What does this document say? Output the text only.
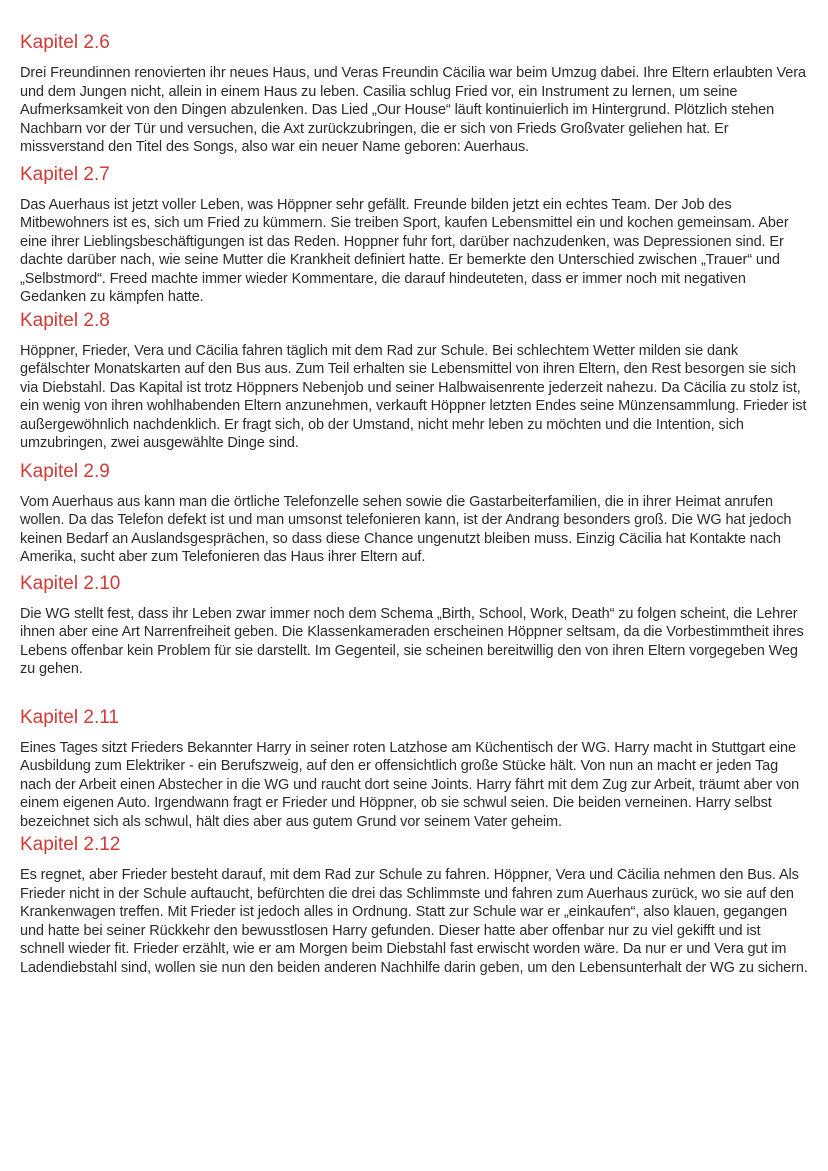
Kapitel 2.6

Drei Freundinnen renovierten ihr neues Haus, und Veras Freundin Cäcilia war beim Umzug dabei. Ihre Eltern erlaubten Vera und dem Jungen nicht, allein in einem Haus zu leben. Casilia schlug Fried vor, ein Instrument zu lernen, um seine Aufmerksamkeit von den Dingen abzulenken. Das Lied „Our House“ läuft kontinuierlich im Hintergrund. Plötzlich stehen Nachbarn vor der Tür und versuchen, die Axt zurückzubringen, die er sich von Frieds Großvater geliehen hat. Er missverstand den Titel des Songs, also war ein neuer Name geboren: Auerhaus.

Kapitel 2.7

Das Auerhaus ist jetzt voller Leben, was Höppner sehr gefällt. Freunde bilden jetzt ein echtes Team. Der Job des Mitbewohners ist es, sich um Fried zu kümmern. Sie treiben Sport, kaufen Lebensmittel ein und kochen gemeinsam. Aber eine ihrer Lieblingsbeschäftigungen ist das Reden. Hoppner fuhr fort, darüber nachzudenken, was Depressionen sind. Er dachte darüber nach, wie seine Mutter die Krankheit definiert hatte. Er bemerkte den Unterschied zwischen „Trauer“ und „Selbstmord“. Freed machte immer wieder Kommentare, die darauf hindeuteten, dass er immer noch mit negativen Gedanken zu kämpfen hatte.

Kapitel 2.8

Höppner, Frieder, Vera und Cäcilia fahren täglich mit dem Rad zur Schule. Bei schlechtem Wetter milden sie dank gefälschter Monatskarten auf den Bus aus. Zum Teil erhalten sie Lebensmittel von ihren Eltern, den Rest besorgen sie sich via Diebstahl. Das Kapital ist trotz Höppners Nebenjob und seiner Halbwaisenrente jederzeit nahezu. Da Cäcilia zu stolz ist, ein wenig von ihren wohlhabenden Eltern anzunehmen, verkauft Höppner letzten Endes seine Münzensammlung. Frieder ist außergewöhnlich nachdenklich. Er fragt sich, ob der Umstand, nicht mehr leben zu möchten und die Intention, sich umzubringen, zwei ausgewählte Dinge sind.

Kapitel 2.9

Vom Auerhaus aus kann man die örtliche Telefonzelle sehen sowie die Gastarbeiterfamilien, die in ihrer Heimat anrufen wollen. Da das Telefon defekt ist und man umsonst telefonieren kann, ist der Andrang besonders groß. Die WG hat jedoch keinen Bedarf an Auslandsgesprächen, so dass diese Chance ungenutzt bleiben muss. Einzig Cäcilia hat Kontakte nach Amerika, sucht aber zum Telefonieren das Haus ihrer Eltern auf.

Kapitel 2.10

Die WG stellt fest, dass ihr Leben zwar immer noch dem Schema „Birth, School, Work, Death“ zu folgen scheint, die Lehrer ihnen aber eine Art Narrenfreiheit geben. Die Klassenkameraden erscheinen Höppner seltsam, da die Vorbestimmtheit ihres Lebens offenbar kein Problem für sie darstellt. Im Gegenteil, sie scheinen bereitwillig den von ihren Eltern vorgegeben Weg zu gehen.

Kapitel 2.11

Eines Tages sitzt Frieders Bekannter Harry in seiner roten Latzhose am Küchentisch der WG. Harry macht in Stuttgart eine Ausbildung zum Elektriker - ein Berufszweig, auf den er offensichtlich große Stücke hält. Von nun an macht er jeden Tag nach der Arbeit einen Abstecher in die WG und raucht dort seine Joints. Harry fährt mit dem Zug zur Arbeit, träumt aber von einem eigenen Auto. Irgendwann fragt er Frieder und Höppner, ob sie schwul seien. Die beiden verneinen. Harry selbst bezeichnet sich als schwul, hält dies aber aus gutem Grund vor seinem Vater geheim.

Kapitel 2.12

Es regnet, aber Frieder besteht darauf, mit dem Rad zur Schule zu fahren. Höppner, Vera und Cäcilia nehmen den Bus. Als Frieder nicht in der Schule auftaucht, befürchten die drei das Schlimmste und fahren zum Auerhaus zurück, wo sie auf den Krankenwagen treffen. Mit Frieder ist jedoch alles in Ordnung. Statt zur Schule war er „einkaufen“, also klauen, gegangen und hatte bei seiner Rückkehr den bewusstlosen Harry gefunden. Dieser hatte aber offenbar nur zu viel gekifft und ist schnell wieder fit. Frieder erzählt, wie er am Morgen beim Diebstahl fast erwischt worden wäre. Da nur er und Vera gut im Ladendiebstahl sind, wollen sie nun den beiden anderen Nachhilfe darin geben, um den Lebensunterhalt der WG zu sichern.
